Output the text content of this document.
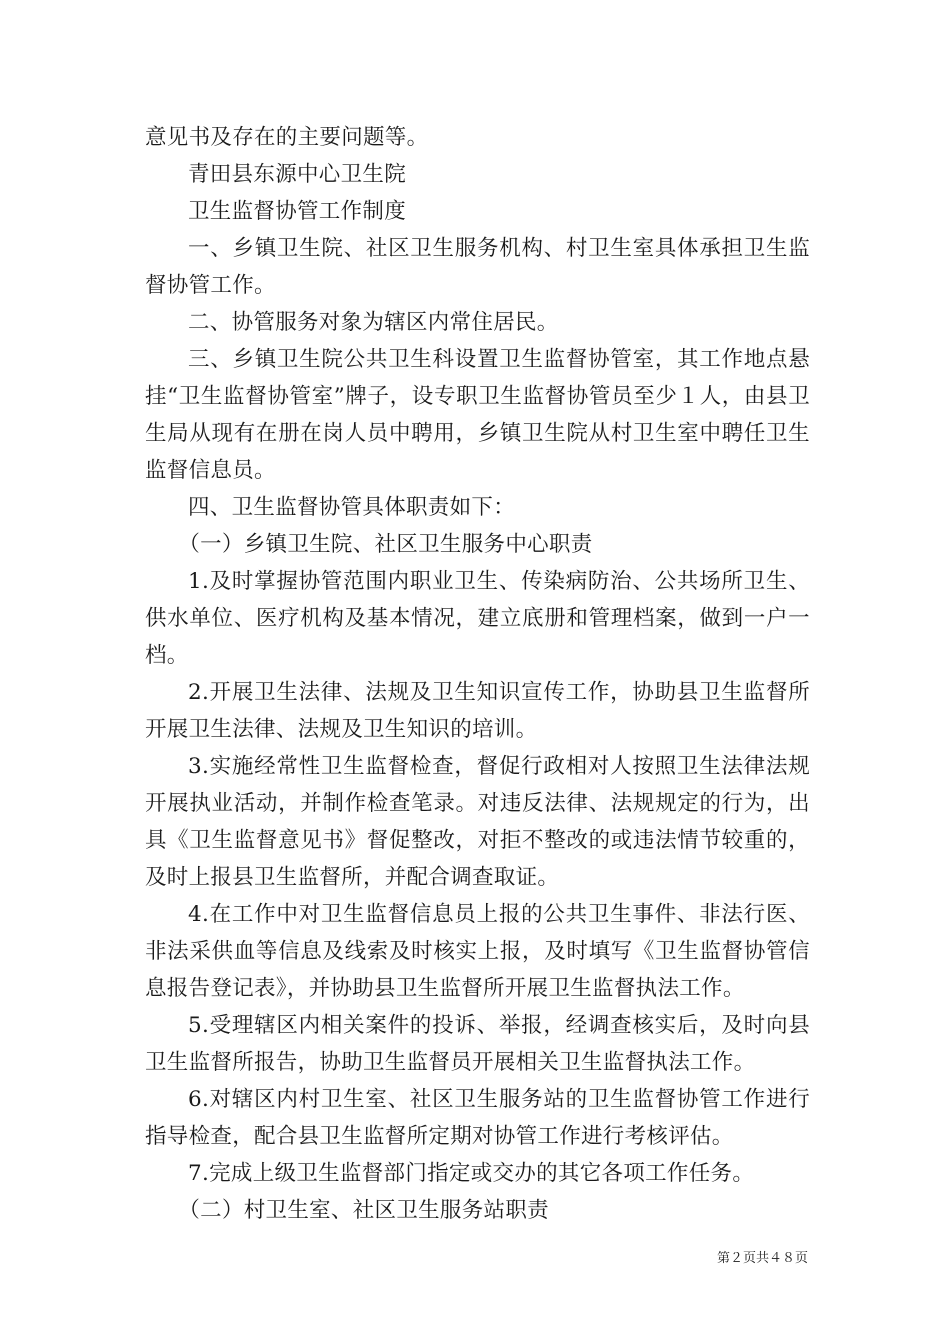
意见书及存在的主要问题等。

青田县东源中心卫生院

卫生监督协管工作制度

一、乡镇卫生院、社区卫生服务机构、村卫生室具体承担卫生监督协管工作。

二、协管服务对象为辖区内常住居民。

三、乡镇卫生院公共卫生科设置卫生监督协管室，其工作地点悬挂“卫生监督协管室”牌子，设专职卫生监督协管员至少１人，由县卫生局从现有在册在岗人员中聘用，乡镇卫生院从村卫生室中聘任卫生监督信息员。

四、卫生监督协管具体职责如下：

（一）乡镇卫生院、社区卫生服务中心职责

1.及时掌握协管范围内职业卫生、传染病防治、公共场所卫生、供水单位、医疗机构及基本情况，建立底册和管理档案，做到一户一档。

2.开展卫生法律、法规及卫生知识宣传工作，协助县卫生监督所开展卫生法律、法规及卫生知识的培训。

3.实施经常性卫生监督检查，督促行政相对人按照卫生法律法规开展执业活动，并制作检查笔录。对违反法律、法规规定的行为，出具《卫生监督意见书》督促整改，对拒不整改的或违法情节较重的，及时上报县卫生监督所，并配合调查取证。

4.在工作中对卫生监督信息员上报的公共卫生事件、非法行医、非法采供血等信息及线索及时核实上报，及时填写《卫生监督协管信息报告登记表》，并协助县卫生监督所开展卫生监督执法工作。

5.受理辖区内相关案件的投诉、举报，经调查核实后，及时向县卫生监督所报告，协助卫生监督员开展相关卫生监督执法工作。

6.对辖区内村卫生室、社区卫生服务站的卫生监督协管工作进行指导检查，配合县卫生监督所定期对协管工作进行考核评估。

7.完成上级卫生监督部门指定或交办的其它各项工作任务。

（二）村卫生室、社区卫生服务站职责

第２页共４８页
